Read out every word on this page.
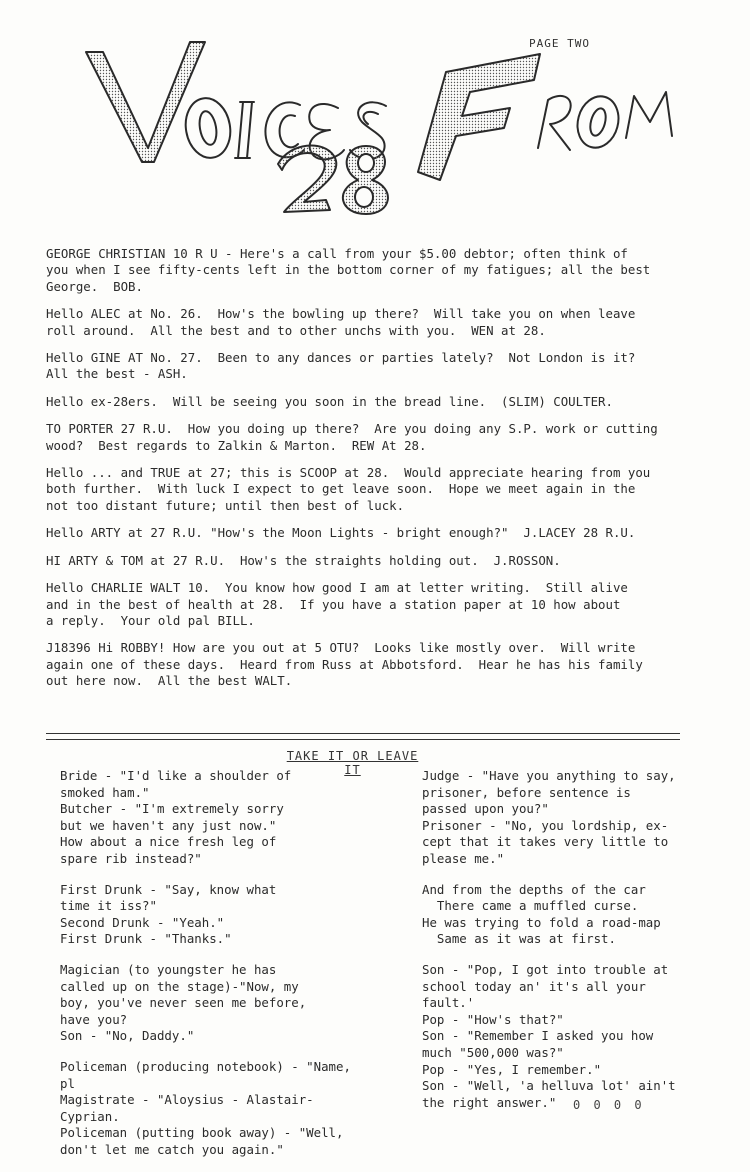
PAGE TWO

GEORGE CHRISTIAN 10 R U - Here's a call from your $5.00 debtor; often think of
you when I see fifty-cents left in the bottom corner of my fatigues; all the best
George.  BOB.

Hello ALEC at No. 26.  How's the bowling up there?  Will take you on when leave
roll around.  All the best and to other unchs with you.  WEN at 28.

Hello GINE AT No. 27.  Been to any dances or parties lately?  Not London is it?
All the best - ASH.

Hello ex-28ers.  Will be seeing you soon in the bread line.  (SLIM) COULTER.

TO PORTER 27 R.U.  How you doing up there?  Are you doing any S.P. work or cutting
wood?  Best regards to Zalkin & Marton.  REW At 28.

Hello ... and TRUE at 27; this is SCOOP at 28.  Would appreciate hearing from you
both further.  With luck I expect to get leave soon.  Hope we meet again in the
not too distant future; until then best of luck.

Hello ARTY at 27 R.U. "How's the Moon Lights - bright enough?"  J.LACEY 28 R.U.

HI ARTY & TOM at 27 R.U.  How's the straights holding out.  J.ROSSON.

Hello CHARLIE WALT 10.  You know how good I am at letter writing.  Still alive
and in the best of health at 28.  If you have a station paper at 10 how about
a reply.  Your old pal BILL.

J18396 Hi ROBBY! How are you out at 5 OTU?  Looks like mostly over.  Will write
again one of these days.  Heard from Russ at Abbotsford.  Hear he has his family
out here now.  All the best WALT.

TAKE IT OR LEAVE IT

Bride - "I'd like a shoulder of
smoked ham."
Butcher - "I'm extremely sorry
but we haven't any just now."
How about a nice fresh leg of
spare rib instead?"

First Drunk - "Say, know what
time it iss?"
Second Drunk - "Yeah."
First Drunk - "Thanks."

Magician (to youngster he has
called up on the stage)-"Now, my
boy, you've never seen me before,
have you?
Son - "No, Daddy."

Policeman (producing notebook) - "Name,
pl
Magistrate - "Aloysius - Alastair-Cyprian.
Policeman (putting book away) - "Well,
don't let me catch you again."

Judge - "Have you anything to say,
prisoner, before sentence is
passed upon you?"
Prisoner - "No, you lordship, ex-
cept that it takes very little to
please me."

And from the depths of the car
There came a muffled curse.
He was trying to fold a road-map
Same as it was at first.

Son - "Pop, I got into trouble at
school today an' it's all your
fault.'
Pop - "How's that?"
Son - "Remember I asked you how
much "500,000 was?"
Pop - "Yes, I remember."
Son - "Well, 'a helluva lot' ain't
the right answer."	0 0 0 0
